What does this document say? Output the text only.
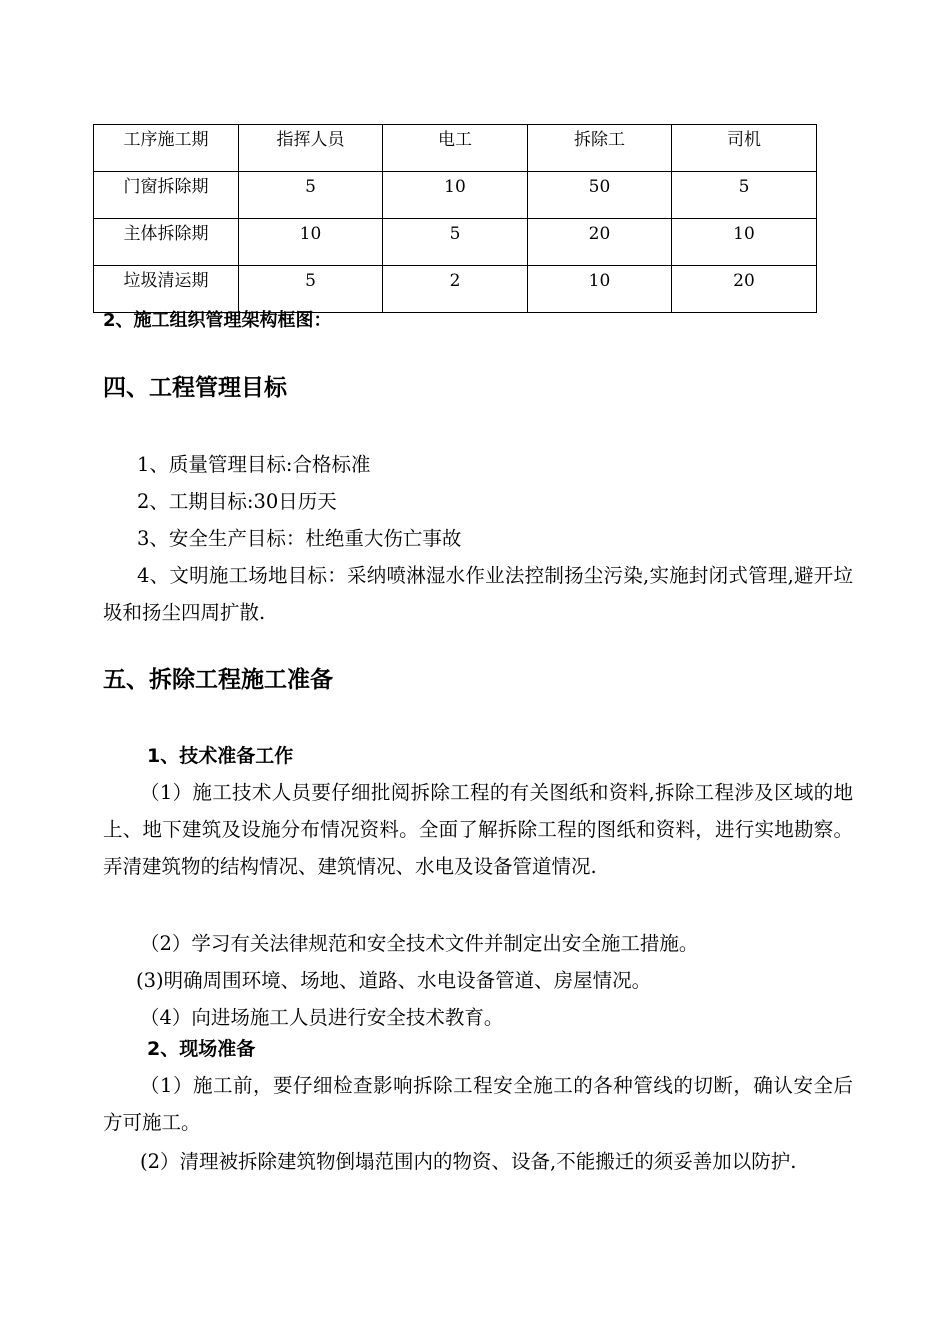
工序施工期	指挥人员	电工	拆除工	司机
门窗拆除期	5	10	50	5
主体拆除期	10	5	20	10
垃圾清运期	5	2	10	20
2、施工组织管理架构框图：
四、工程管理目标
1、质量管理目标:合格标准
2、工期目标:30日历天
3、安全生产目标：杜绝重大伤亡事故
4、文明施工场地目标：采纳喷淋湿水作业法控制扬尘污染,实施封闭式管理,避开垃圾和扬尘四周扩散.
五、拆除工程施工准备
1、技术准备工作
（1）施工技术人员要仔细批阅拆除工程的有关图纸和资料,拆除工程涉及区域的地上、地下建筑及设施分布情况资料。全面了解拆除工程的图纸和资料，进行实地勘察。弄清建筑物的结构情况、建筑情况、水电及设备管道情况.
（2）学习有关法律规范和安全技术文件并制定出安全施工措施。
(3)明确周围环境、场地、道路、水电设备管道、房屋情况。
（4）向进场施工人员进行安全技术教育。
2、现场准备
（1）施工前，要仔细检查影响拆除工程安全施工的各种管线的切断，确认安全后方可施工。
(2）清理被拆除建筑物倒塌范围内的物资、设备,不能搬迁的须妥善加以防护.
